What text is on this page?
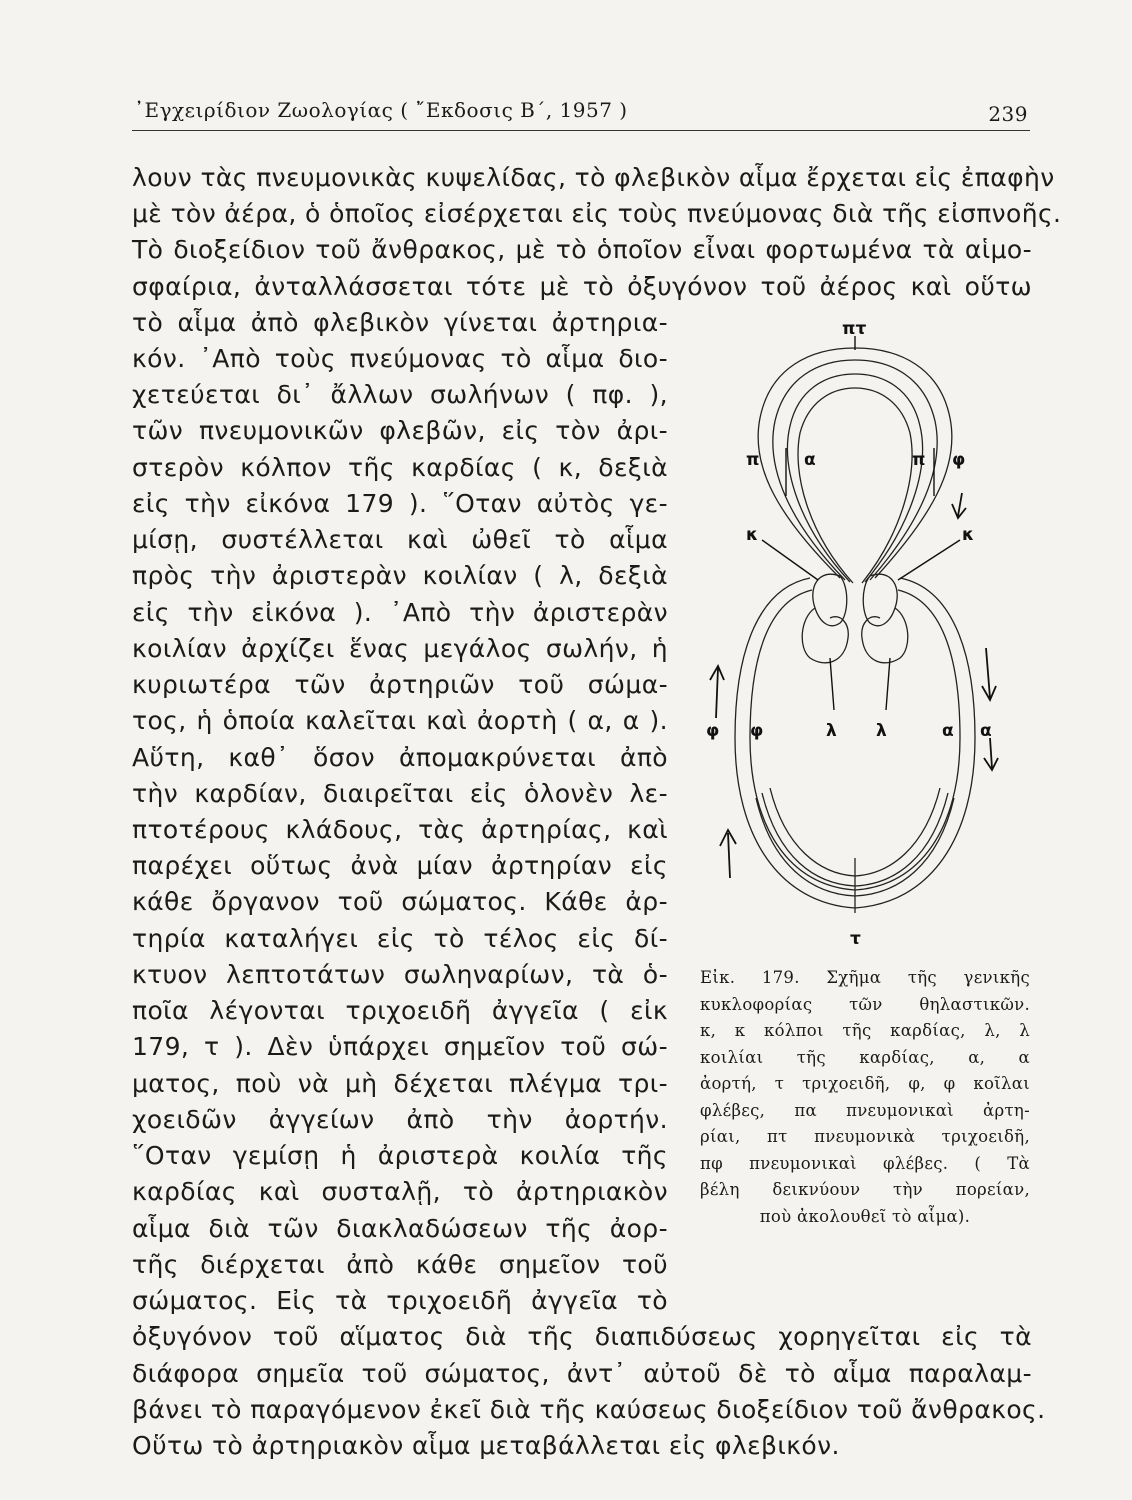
᾿Εγχειρίδιον Ζωολογίας ( ῎Εκδοσις Β΄, 1957 )	239
λουν τὰς πνευμονικὰς κυψελίδας, τὸ φλεβικὸν αἷμα ἔρχεται εἰς ἐπαφὴν
μὲ τὸν ἀέρα, ὁ ὁποῖος εἰσέρχεται εἰς τοὺς πνεύμονας διὰ τῆς εἰσπνοῆς.
Τὸ διοξείδιον τοῦ ἄνθρακος, μὲ τὸ ὁποῖον εἶναι φορτωμένα τὰ αἱμο-
σφαίρια, ἀνταλλάσσεται τότε μὲ τὸ ὀξυγόνον τοῦ ἀέρος καὶ οὕτω
τὸ αἷμα ἀπὸ φλεβικὸν γίνεται ἀρτηρια-
κόν. ᾿Απὸ τοὺς πνεύμονας τὸ αἷμα διο-
χετεύεται δι᾿ ἄλλων σωλήνων ( πφ. ),
τῶν πνευμονικῶν φλεβῶν, εἰς τὸν ἀρι-
στερὸν κόλπον τῆς καρδίας ( κ, δεξιὰ
εἰς τὴν εἰκόνα 179 ). ῞Οταν αὐτὸς γε-
μίσῃ, συστέλλεται καὶ ὠθεῖ τὸ αἷμα
πρὸς τὴν ἀριστερὰν κοιλίαν ( λ, δεξιὰ
εἰς τὴν εἰκόνα ). ᾿Απὸ τὴν ἀριστερὰν
κοιλίαν ἀρχίζει ἕνας μεγάλος σωλήν, ἡ
κυριωτέρα τῶν ἀρτηριῶν τοῦ σώμα-
τος, ἡ ὁποία καλεῖται καὶ ἀορτὴ ( α, α ).
Αὕτη, καθ᾿ ὅσον ἀπομακρύνεται ἀπὸ
τὴν καρδίαν, διαιρεῖται εἰς ὁλονὲν λε-
πτοτέρους κλάδους, τὰς ἀρτηρίας, καὶ
παρέχει οὕτως ἀνὰ μίαν ἀρτηρίαν εἰς
κάθε ὄργανον τοῦ σώματος. Κάθε ἀρ-
τηρία καταλήγει εἰς τὸ τέλος εἰς δί-
κτυον λεπτοτάτων σωληναρίων, τὰ ὁ-
ποῖα λέγονται τριχοειδῆ ἀγγεῖα ( εἰκ
179, τ ). Δὲν ὑπάρχει σημεῖον τοῦ σώ-
ματος, ποὺ νὰ μὴ δέχεται πλέγμα τρι-
χοειδῶν ἀγγείων ἀπὸ τὴν ἀορτήν.
῞Οταν γεμίσῃ ἡ ἀριστερὰ κοιλία τῆς
καρδίας καὶ συσταλῇ, τὸ ἀρτηριακὸν
αἷμα διὰ τῶν διακλαδώσεων τῆς ἀορ-
τῆς διέρχεται ἀπὸ κάθε σημεῖον τοῦ
σώματος. Εἰς τὰ τριχοειδῆ ἀγγεῖα τὸ
ὀξυγόνον τοῦ αἵματος διὰ τῆς διαπιδύσεως χορηγεῖται εἰς τὰ
διάφορα σημεῖα τοῦ σώματος, ἀντ᾿ αὐτοῦ δὲ τὸ αἷμα παραλαμ-
βάνει τὸ παραγόμενον ἐκεῖ διὰ τῆς καύσεως διοξείδιον τοῦ ἄνθρακος.
Οὕτω τὸ ἀρτηριακὸν αἷμα μεταβάλλεται εἰς φλεβικόν.
πτ
π	α	π φ
κ	κ
φ φ	λ λ	α α
τ
Εἰκ. 179. Σχῆμα τῆς γενικῆς
κυκλοφορίας τῶν θηλαστικῶν.
κ, κ κόλποι τῆς καρδίας, λ, λ
κοιλίαι τῆς καρδίας, α, α
ἀορτή, τ τριχοειδῆ, φ, φ κοῖλαι
φλέβες, πα πνευμονικαὶ ἀρτη-
ρίαι, πτ πνευμονικὰ τριχοειδῆ,
πφ πνευμονικαὶ φλέβες. ( Τὰ
βέλη δεικνύουν τὴν πορείαν,
ποὺ ἀκολουθεῖ τὸ αἷμα).
